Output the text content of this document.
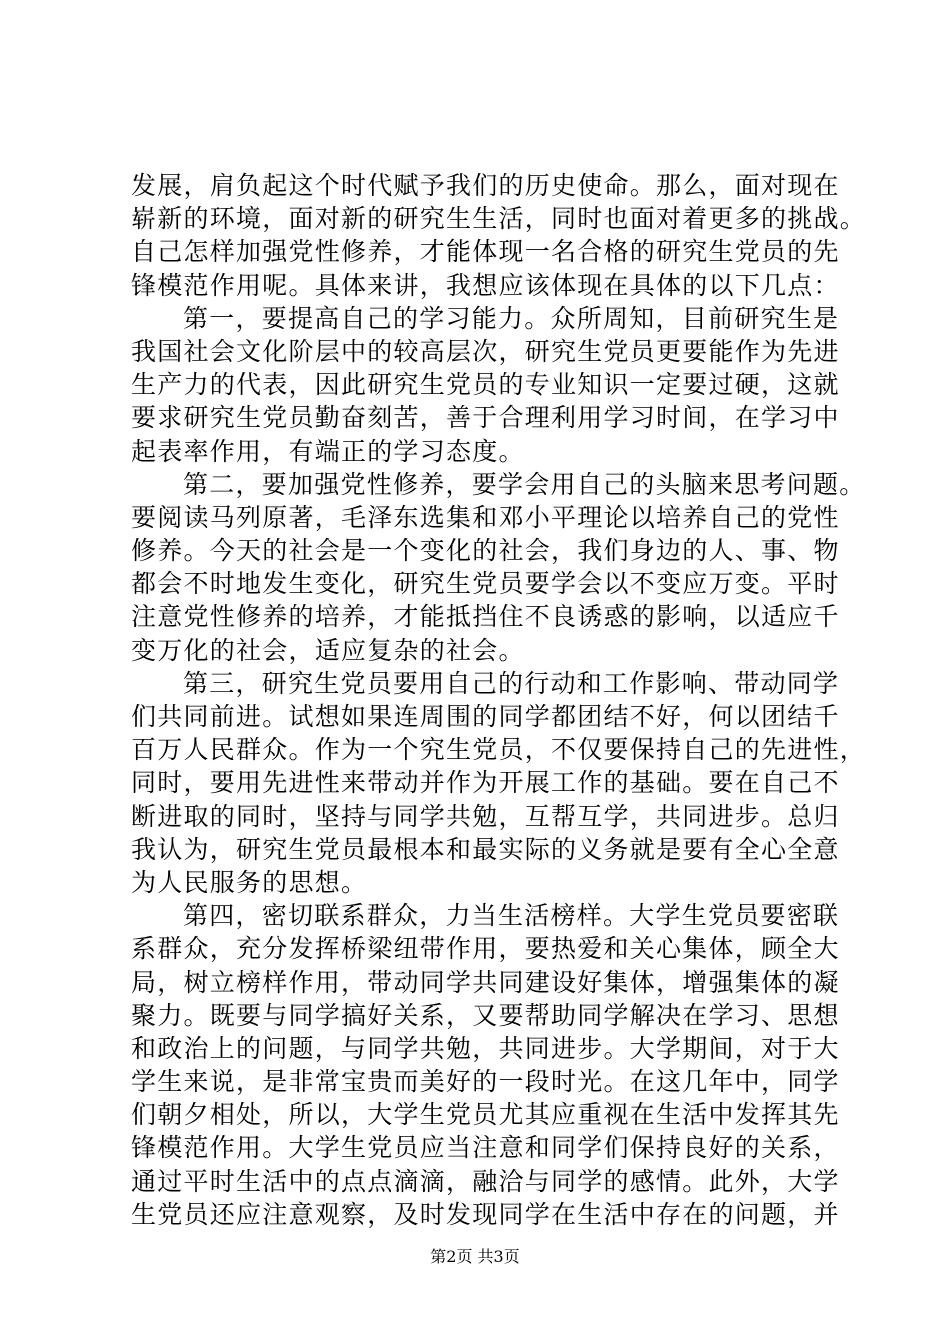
发展，肩负起这个时代赋予我们的历史使命。那么，面对现在
崭新的环境，面对新的研究生生活，同时也面对着更多的挑战。
自己怎样加强党性修养，才能体现一名合格的研究生党员的先
锋模范作用呢。具体来讲，我想应该体现在具体的以下几点：
第一，要提高自己的学习能力。众所周知，目前研究生是
我国社会文化阶层中的较高层次，研究生党员更要能作为先进
生产力的代表，因此研究生党员的专业知识一定要过硬，这就
要求研究生党员勤奋刻苦，善于合理利用学习时间，在学习中
起表率作用，有端正的学习态度。
第二，要加强党性修养，要学会用自己的头脑来思考问题。
要阅读马列原著，毛泽东选集和邓小平理论以培养自己的党性
修养。今天的社会是一个变化的社会，我们身边的人、事、物
都会不时地发生变化，研究生党员要学会以不变应万变。平时
注意党性修养的培养，才能抵挡住不良诱惑的影响，以适应千
变万化的社会，适应复杂的社会。
第三，研究生党员要用自己的行动和工作影响、带动同学
们共同前进。试想如果连周围的同学都团结不好，何以团结千
百万人民群众。作为一个究生党员，不仅要保持自己的先进性，
同时，要用先进性来带动并作为开展工作的基础。要在自己不
断进取的同时，坚持与同学共勉，互帮互学，共同进步。总归
我认为，研究生党员最根本和最实际的义务就是要有全心全意
为人民服务的思想。
第四，密切联系群众，力当生活榜样。大学生党员要密联
系群众，充分发挥桥梁纽带作用，要热爱和关心集体，顾全大
局，树立榜样作用，带动同学共同建设好集体，增强集体的凝
聚力。既要与同学搞好关系，又要帮助同学解决在学习、思想
和政治上的问题，与同学共勉，共同进步。大学期间，对于大
学生来说，是非常宝贵而美好的一段时光。在这几年中，同学
们朝夕相处，所以，大学生党员尤其应重视在生活中发挥其先
锋模范作用。大学生党员应当注意和同学们保持良好的关系，
通过平时生活中的点点滴滴，融洽与同学的感情。此外，大学
生党员还应注意观察，及时发现同学在生活中存在的问题，并
第2页 共3页
